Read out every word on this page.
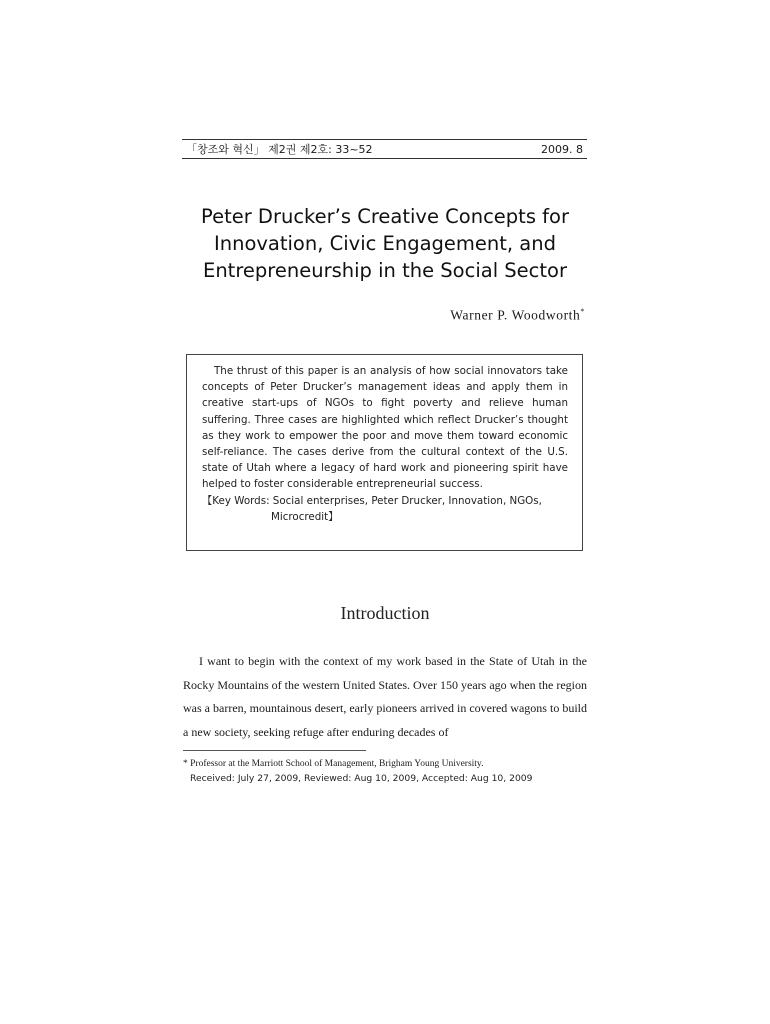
「창조와 혁신」 제2권 제2호: 33~52	2009. 8
Peter Drucker’s Creative Concepts for
Innovation, Civic Engagement, and
Entrepreneurship in the Social Sector
Warner P. Woodworth*
The thrust of this paper is an analysis of how social innovators take concepts of Peter Drucker’s management ideas and apply them in creative start-ups of NGOs to fight poverty and relieve human suffering. Three cases are highlighted which reflect Drucker’s thought as they work to empower the poor and move them toward economic self-reliance. The cases derive from the cultural context of the U.S. state of Utah where a legacy of hard work and pioneering spirit have helped to foster considerable entrepreneurial success.
【Key Words: Social enterprises, Peter Drucker, Innovation, NGOs,
Microcredit】
Introduction

I want to begin with the context of my work based in the State of Utah in the Rocky Mountains of the western United States. Over 150 years ago when the region was a barren, mountainous desert, early pioneers arrived in covered wagons to build a new society, seeking refuge after enduring decades of

* Professor at the Marriott School of Management, Brigham Young University.
Received: July 27, 2009, Reviewed: Aug 10, 2009, Accepted: Aug 10, 2009
